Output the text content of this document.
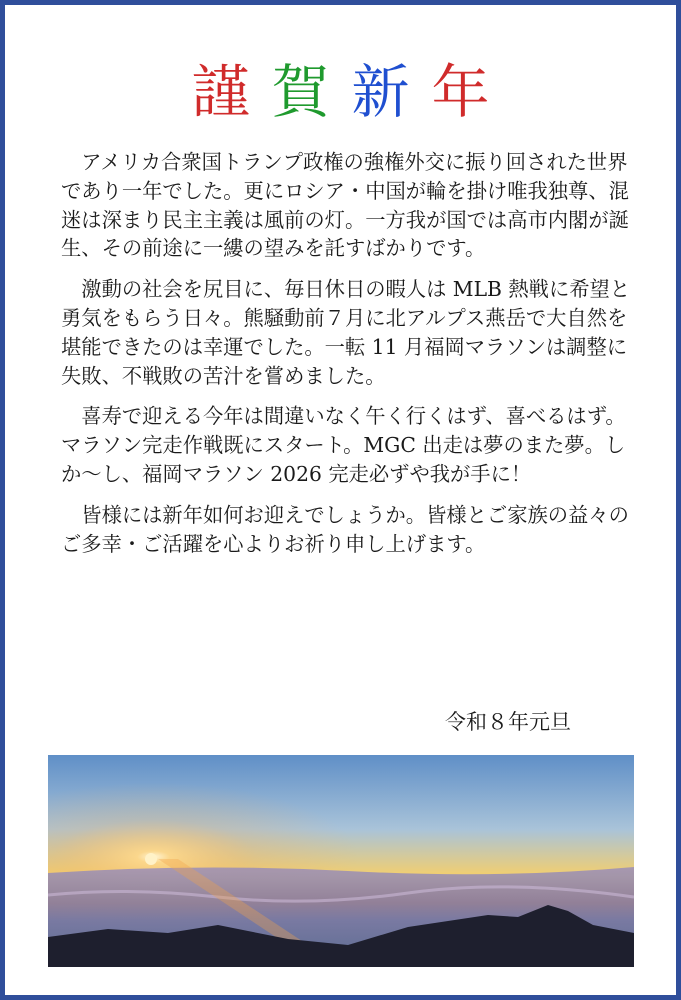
謹 賀 新 年

アメリカ合衆国トランプ政権の強権外交に振り回された世界であり一年でした。更にロシア・中国が輪を掛け唯我独尊、混迷は深まり民主主義は風前の灯。一方我が国では高市内閣が誕生、その前途に一縷の望みを託すばかりです。

激動の社会を尻目に、毎日休日の暇人は MLB 熱戦に希望と勇気をもらう日々。熊騒動前７月に北アルプス燕岳で大自然を堪能できたのは幸運でした。一転 11 月福岡マラソンは調整に失敗、不戦敗の苦汁を嘗めました。

喜寿で迎える今年は間違いなく午く行くはず、喜べるはず。マラソン完走作戦既にスタート。MGC 出走は夢のまた夢。しか〜し、福岡マラソン 2026 完走必ずや我が手に！

皆様には新年如何お迎えでしょうか。皆様とご家族の益々のご多幸・ご活躍を心よりお祈り申し上げます。

令和８年元旦
